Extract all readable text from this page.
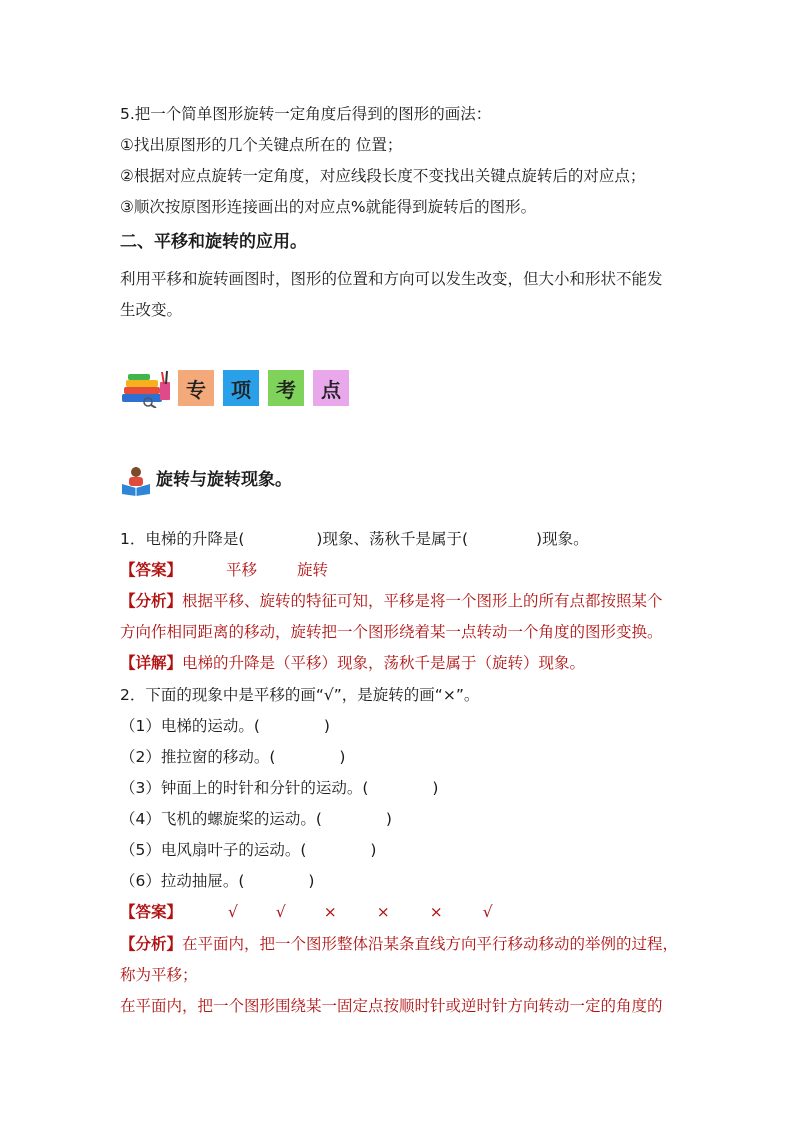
5.把一个简单图形旋转一定角度后得到的图形的画法：
①找出原图形的几个关键点所在的 位置；
②根据对应点旋转一定角度，对应线段长度不变找出关键点旋转后的对应点；
③顺次按原图形连接画出的对应点%就能得到旋转后的图形。
二、平移和旋转的应用。
利用平移和旋转画图时，图形的位置和方向可以发生改变，但大小和形状不能发
生改变。
专	项	考	点
旋转与旋转现象。
1．电梯的升降是(	)现象、荡秋千是属于(	)现象。
【答案】	平移	旋转
【分析】根据平移、旋转的特征可知，平移是将一个图形上的所有点都按照某个
方向作相同距离的移动，旋转把一个图形绕着某一点转动一个角度的图形变换。
【详解】电梯的升降是（平移）现象，荡秋千是属于（旋转）现象。
2．下面的现象中是平移的画“√”，是旋转的画“×”。
（1）电梯的运动。(	)
（2）推拉窗的移动。(	)
（3）钟面上的时针和分针的运动。(	)
（4）飞机的螺旋桨的运动。(	)
（5）电风扇叶子的运动。(	)
（6）拉动抽屉。(	)
【答案】	√ √ ×	×	×	√
【分析】在平面内，把一个图形整体沿某条直线方向平行移动移动的举例的过程，
称为平移；
在平面内，把一个图形围绕某一固定点按顺时针或逆时针方向转动一定的角度的
